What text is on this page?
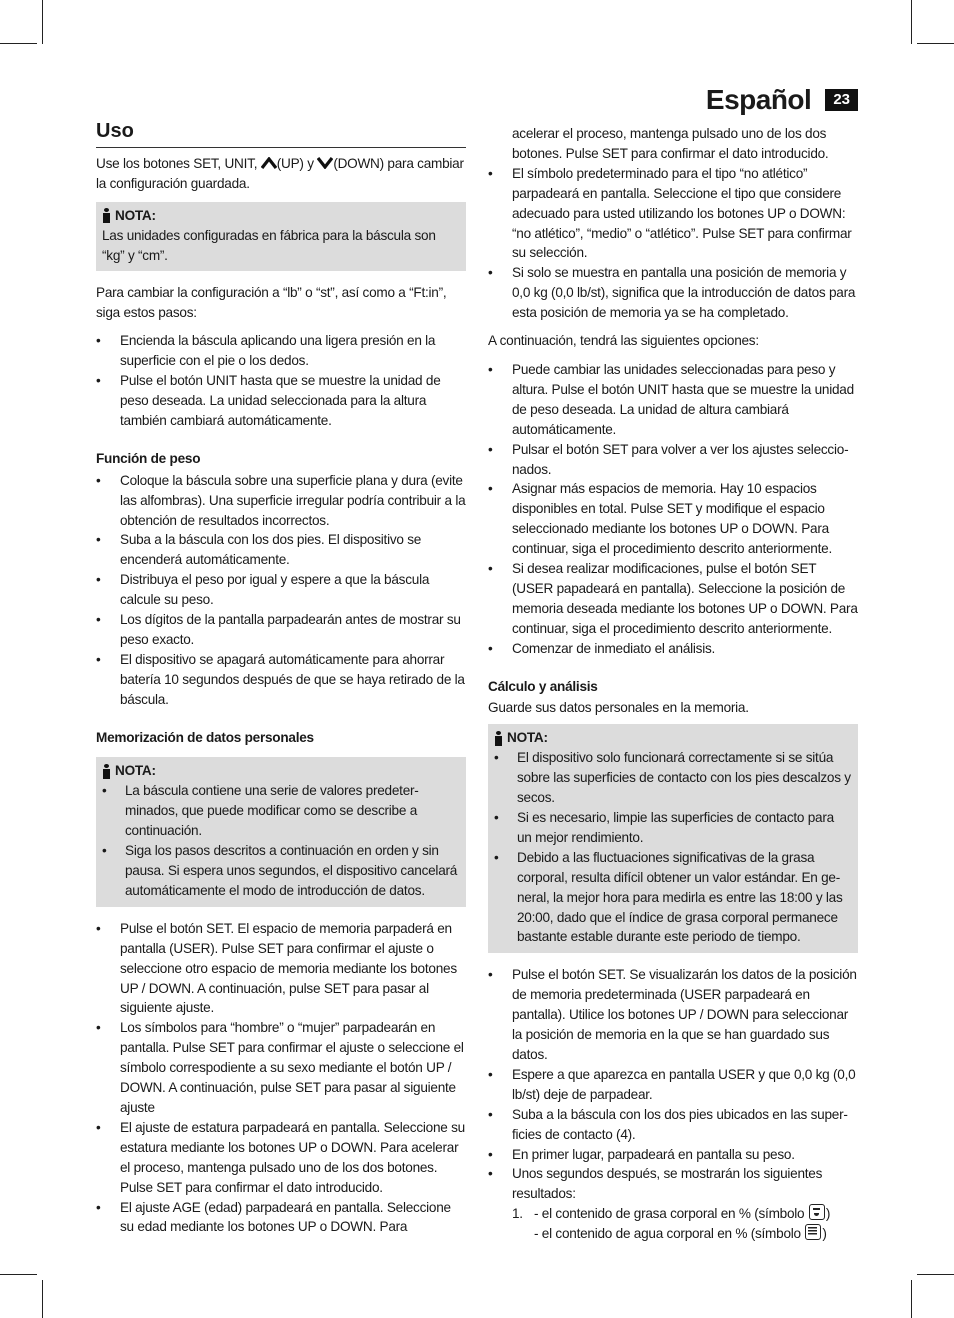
Español	23
Uso

Use los botones SET, UNIT, (UP) y (DOWN) para cambiar la configuración guardada.

NOTA:
Las unidades configuradas en fábrica para la báscula son “kg” y “cm”.

Para cambiar la configuración a “lb” o “st”, así como a “Ft:in”, siga estos pasos:

• Encienda la báscula aplicando una ligera presión en la superficie con el pie o los dedos.
• Pulse el botón UNIT hasta que se muestre la unidad de peso deseada. La unidad seleccionada para la altura también cambiará automáticamente.
Función de peso
• Coloque la báscula sobre una superficie plana y dura (evite las alfombras). Una superficie irregular podría contribuir a la obtención de resultados incorrectos.
• Suba a la báscula con los dos pies. El dispositivo se encenderá automáticamente.
• Distribuya el peso por igual y espere a que la báscula calcule su peso.
• Los dígitos de la pantalla parpadearán antes de mostrar su peso exacto.
• El dispositivo se apagará automáticamente para ahorrar batería 10 segundos después de que se haya retirado de la báscula.
Memorización de datos personales
NOTA:
• La báscula contiene una serie de valores predeterminados, que puede modificar como se describe a continuación.
• Siga los pasos descritos a continuación en orden y sin pausa. Si espera unos segundos, el dispositivo cancelará automáticamente el modo de introducción de datos.
• Pulse el botón SET. El espacio de memoria parpaderá en pantalla (USER). Pulse SET para confirmar el ajuste o seleccione otro espacio de memoria mediante los botones UP / DOWN. A continuación, pulse SET para pasar al siguiente ajuste.
• Los símbolos para “hombre” o “mujer” parpadearán en pantalla. Pulse SET para confirmar el ajuste o seleccione el símbolo correspodiente a su sexo mediante el botón UP / DOWN. A continuación, pulse SET para pasar al siguiente ajuste
• El ajuste de estatura parpadeará en pantalla. Seleccione su estatura mediante los botones UP o DOWN. Para acelerar el proceso, mantenga pulsado uno de los dos botones. Pulse SET para confirmar el dato introducido.
• El ajuste AGE (edad) parpadeará en pantalla. Seleccione su edad mediante los botones UP o DOWN. Para

acelerar el proceso, mantenga pulsado uno de los dos botones. Pulse SET para confirmar el dato introducido.

• El símbolo predeterminado para el tipo “no atlético” parpadeará en pantalla. Seleccione el tipo que considere adecuado para usted utilizando los botones UP o DOWN: “no atlético”, “medio” o “atlético”. Pulse SET para confirmar su selección.
• Si solo se muestra en pantalla una posición de memoria y 0,0 kg (0,0 lb/st), significa que la introducción de datos para esta posición de memoria ya se ha completado.

A continuación, tendrá las siguientes opciones:

• Puede cambiar las unidades seleccionadas para peso y altura. Pulse el botón UNIT hasta que se muestre la unidad de peso deseada. La unidad de altura cambiará automáticamente.
• Pulsar el botón SET para volver a ver los ajustes seleccionados.
• Asignar más espacios de memoria. Hay 10 espacios disponibles en total. Pulse SET y modifique el espacio seleccionado mediante los botones UP o DOWN. Para continuar, siga el procedimiento descrito anteriormente.
• Si desea realizar modificaciones, pulse el botón SET (USER papadeará en pantalla). Seleccione la posición de memoria deseada mediante los botones UP o DOWN. Para continuar, siga el procedimiento descrito anteriormente.
• Comenzar de inmediato el análisis.
Cálculo y análisis

Guarde sus datos personales en la memoria.

NOTA:
• El dispositivo solo funcionará correctamente si se sitúa sobre las superficies de contacto con los pies descalzos y secos.
• Si es necesario, limpie las superficies de contacto para un mejor rendimiento.
• Debido a las fluctuaciones significativas de la grasa corporal, resulta difícil obtener un valor estándar. En general, la mejor hora para medirla es entre las 18:00 y las 20:00, dado que el índice de grasa corporal permanece bastante estable durante este periodo de tiempo.
• Pulse el botón SET. Se visualizarán los datos de la posición de memoria predeterminada (USER parpadeará en pantalla). Utilice los botones UP / DOWN para seleccionar la posición de memoria en la que se han guardado sus datos.
• Espere a que aparezca en pantalla USER y que 0,0 kg (0,0 lb/st) deje de parpadear.
• Suba a la báscula con los dos pies ubicados en las superficies de contacto (4).
• En primer lugar, parpadeará en pantalla su peso.
• Unos segundos después, se mostrarán los siguientes resultados:
1. - el contenido de grasa corporal en % (símbolo )
- el contenido de agua corporal en % (símbolo )
